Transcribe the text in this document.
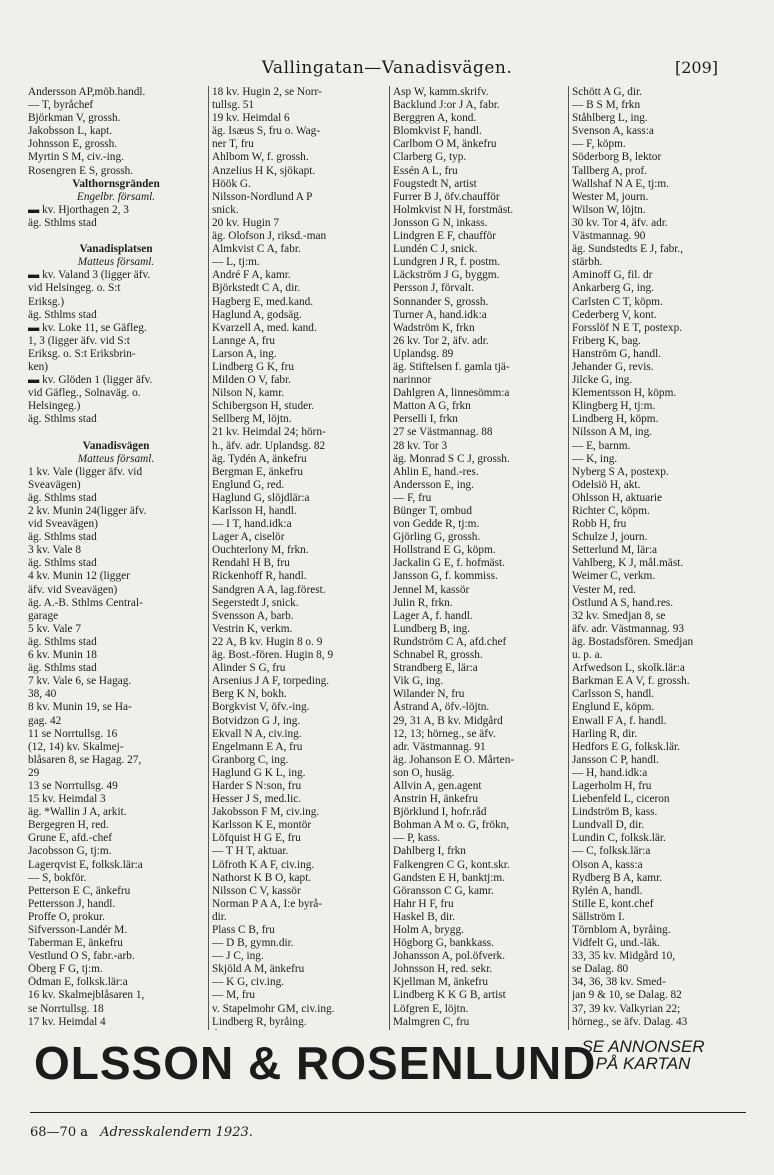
Vallingatan—Vanadisvägen.	[209]
Andersson AP,möb.handl.
— T, byråchef
Björkman V, grossh.
Jakobsson L, kapt.
Johnsson E, grossh.
Myrtin S M, civ.-ing.
Rosengren E S, grossh.
Valthornsgränden
Engelbr. församl.
▬ kv. Hjorthagen 2, 3
äg. Sthlms stad

Vanadisplatsen
Matteus församl.
▬ kv. Valand 3 (ligger äfv.
vid Helsingeg. o. S:t
Eriksg.)
äg. Sthlms stad
▬ kv. Loke 11, se Gäfleg.
1, 3 (ligger äfv. vid S:t
Eriksg. o. S:t Eriksbrin-
ken)
▬ kv. Glöden 1 (ligger äfv.
vid Gäfleg., Solnaväg. o.
Helsingeg.)
äg. Sthlms stad

Vanadisvägen
Matteus församl.
1 kv. Vale (ligger äfv. vid
Sveavägen)
äg. Sthlms stad
2 kv. Munin 24(ligger äfv.
vid Sveavägen)
äg. Sthlms stad
3 kv. Vale 8
äg. Sthlms stad
4 kv. Munin 12 (ligger
äfv. vid Sveavägen)
äg. A.-B. Sthlms Central-
garage
5 kv. Vale 7
äg. Sthlms stad
6 kv. Munin 18
äg. Sthlms stad
7 kv. Vale 6, se Hagag.
38, 40
8 kv. Munin 19, se Ha-
gag. 42
11 se Norrtullsg. 16
(12, 14) kv. Skalmej-
blåsaren 8, se Hagag. 27,
29
13 se Norrtullsg. 49
15 kv. Heimdal 3
äg. *Wallin J A, arkit.
Bergegren H, red.
Grune E, afd.-chef
Jacobsson G, tj:m.
Lagerqvist E, folksk.lär:a
— S, bokför.
Petterson E C, änkefru
Pettersson J, handl.
Proffe O, prokur.
Sifversson-Landér M.
Taberman E, änkefru
Vestlund O S, fabr.-arb.
Öberg F G, tj:m.
Ödman E, folksk.lär:a
16 kv. Skalmejblåsaren 1,
se Norrtullsg. 18
17 kv. Heimdal 4
18 kv. Hugin 2, se Norr-
tullsg. 51
19 kv. Heimdal 6
äg. Isæus S, fru o. Wag-
ner T, fru
Ahlbom W, f. grossh.
Anzelius H K, sjökapt.
Höök G.
Nilsson-Nordlund A P
snick.
20 kv. Hugin 7
äg. Olofson J, riksd.-man
Almkvist C A, fabr.
— L, tj:m.
André F A, kamr.
Björkstedt C A, dir.
Hagberg E, med.kand.
Haglund A, godsäg.
Kvarzell A, med. kand.
Lannge A, fru
Larson A, ing.
Lindberg G K, fru
Milden O V, fabr.
Nilson N, kamr.
Schibergson H, studer.
Sellberg M, löjtn.
21 kv. Heimdal 24; hörn-
h., äfv. adr. Uplandsg. 82
äg. Tydén A, änkefru
Bergman E, änkefru
Englund G, red.
Haglund G, slöjdlär:a
Karlsson H, handl.
— I T, hand.idk:a
Lager A, ciselör
Ouchterlony M, frkn.
Rendahl H B, fru
Rickenhoff R, handl.
Sandgren A A, lag.förest.
Segerstedt J, snick.
Svensson A, barb.
Vestrin K, verkm.
22 A, B kv. Hugin 8 o. 9
äg. Bost.-fören. Hugin 8, 9
Alinder S G, fru
Arsenius J A F, torpeding.
Berg K N, bokh.
Borgkvist V, öfv.-ing.
Botvidzon G J, ing.
Ekvall N A, civ.ing.
Engelmann E A, fru
Granborg C, ing.
Haglund G K L, ing.
Harder S N:son, fru
Hesser J S, med.lic.
Jakobsson F M, civ.ing.
Karlsson K E, montör
Löfquist H G E, fru
— T H T, aktuar.
Löfroth K A F, civ.ing.
Nathorst K B O, kapt.
Nilsson C V, kassör
Norman P A A, I:e byrå-
dir.
Plass C B, fru
— D B, gymn.dir.
— J C, ing.
Skjöld A M, änkefru
— K G, civ.ing.
— M, fru
v. Stapelmohr GM, civ.ing.
Lindberg R, byråing.
Asp W, kamm.skrifv.
Backlund J:or J A, fabr.
Berggren A, kond.
Blomkvist F, handl.
Carlbom O M, änkefru
Clarberg G, typ.
Essén A L, fru
Fougstedt N, artist
Furrer B J, öfv.chaufför
Holmkvist N H, forstmäst.
Jonsson G N, inkass.
Lindgren E F, chaufför
Lundén C J, snick.
Lundgren J R, f. postm.
Läckström J G, byggm.
Persson J, förvalt.
Sonnander S, grossh.
Turner A, hand.idk:a
Wadström K, frkn
26 kv. Tor 2, äfv. adr.
Uplandsg. 89
äg. Stiftelsen f. gamla tjä-
narinnor
Dahlgren A, linnesömm:a
Matton A G, frkn
Perselli I, frkn
27 se Västmannag. 88
28 kv. Tor 3
äg. Monrad S C J, grossh.
Ahlin E, hand.-res.
Andersson E, ing.
— F, fru
Bünger T, ombud
von Gedde R, tj:m.
Gjörling G, grossh.
Hollstrand E G, köpm.
Jackalin G E, f. hofmäst.
Jansson G, f. kommiss.
Jennel M, kassör
Julin R, frkn.
Lager A, f. handl.
Lundberg B, ing.
Rundström C A, afd.chef
Schnabel R, grossh.
Strandberg E, lär:a
Vik G, ing.
Wilander N, fru
Åstrand A, öfv.-löjtn.
29, 31 A, B kv. Midgård
12, 13; hörneg., se äfv.
adr. Västmannag. 91
äg. Johanson E O. Mårten-
son O, husäg.
Allvin A, gen.agent
Anstrin H, änkefru
Björklund I, hofr.råd
Bohman A M o. G, frökn,
— P, kass.
Dahlberg I, frkn
Falkengren C G, kont.skr.
Gandsten E H, banktj:m.
Göransson C G, kamr.
Hahr H F, fru
Haskel B, dir.
Holm A, brygg.
Högborg G, bankkass.
Johansson A, pol.öfverk.
Johnsson H, red. sekr.
Kjellman M, änkefru
Lindberg K K G B, artist
Löfgren E, löjtn.
Malmgren C, fru
Schött A G, dir.
— B S M, frkn
Ståhlberg L, ing.
Svenson A, kass:a
— F, köpm.
Söderborg B, lektor
Tallberg A, prof.
Wallshaf N A E, tj:m.
Wester M, journ.
Wilson W, löjtn.
30 kv. Tor 4, äfv. adr.
Västmannag. 90
äg. Sundstedts E J, fabr.,
stärbh.
Aminoff G, fil. dr
Ankarberg G, ing.
Carlsten C T, köpm.
Cederberg V, kont.
Forsslöf N E T, postexp.
Friberg K, bag.
Hanström G, handl.
Jehander G, revis.
Jilcke G, ing.
Klementsson H, köpm.
Klingberg H, tj:m.
Lindberg H, köpm.
Nilsson A M, ing.
— E, barnm.
— K, ing.
Nyberg S A, postexp.
Odelsiö H, akt.
Ohlsson H, aktuarie
Richter C, köpm.
Robb H, fru
Schulze J, journ.
Setterlund M, lär:a
Vahlberg, K J, mål.mäst.
Weimer C, verkm.
Vester M, red.
Östlund A S, hand.res.
32 kv. Smedjan 8, se
äfv. adr. Västmannag. 93
äg. Bostadsfören. Smedjan
u. p. a.
Arfwedson L, skolk.lär:a
Barkman E A V, f. grossh.
Carlsson S, handl.
Englund E, köpm.
Enwall F A, f. handl.
Harling R, dir.
Hedfors E G, folksk.lär.
Jansson C P, handl.
— H, hand.idk:a
Lagerholm H, fru
Liebenfeld L, ciceron
Lindström B, kass.
Lundvall D, dir.
Lundin C, folksk.lär.
— C, folksk.lär:a
Olson A, kass:a
Rydberg B A, kamr.
Rylén A, handl.
Stille E, kont.chef
Sällström I.
Törnblom A, byråing.
Vidfelt G, und.-läk.
33, 35 kv. Midgård 10,
se Dalag. 80
34, 36, 38 kv. Smed-
jan 9 & 10, se Dalag. 82
37, 39 kv. Valkyrian 22;
hörneg., se äfv. Dalag. 43
OLSSON & ROSENLUND
SE ANNONSER
PÅ KARTAN
68—70 a Adresskalendern 1923.
